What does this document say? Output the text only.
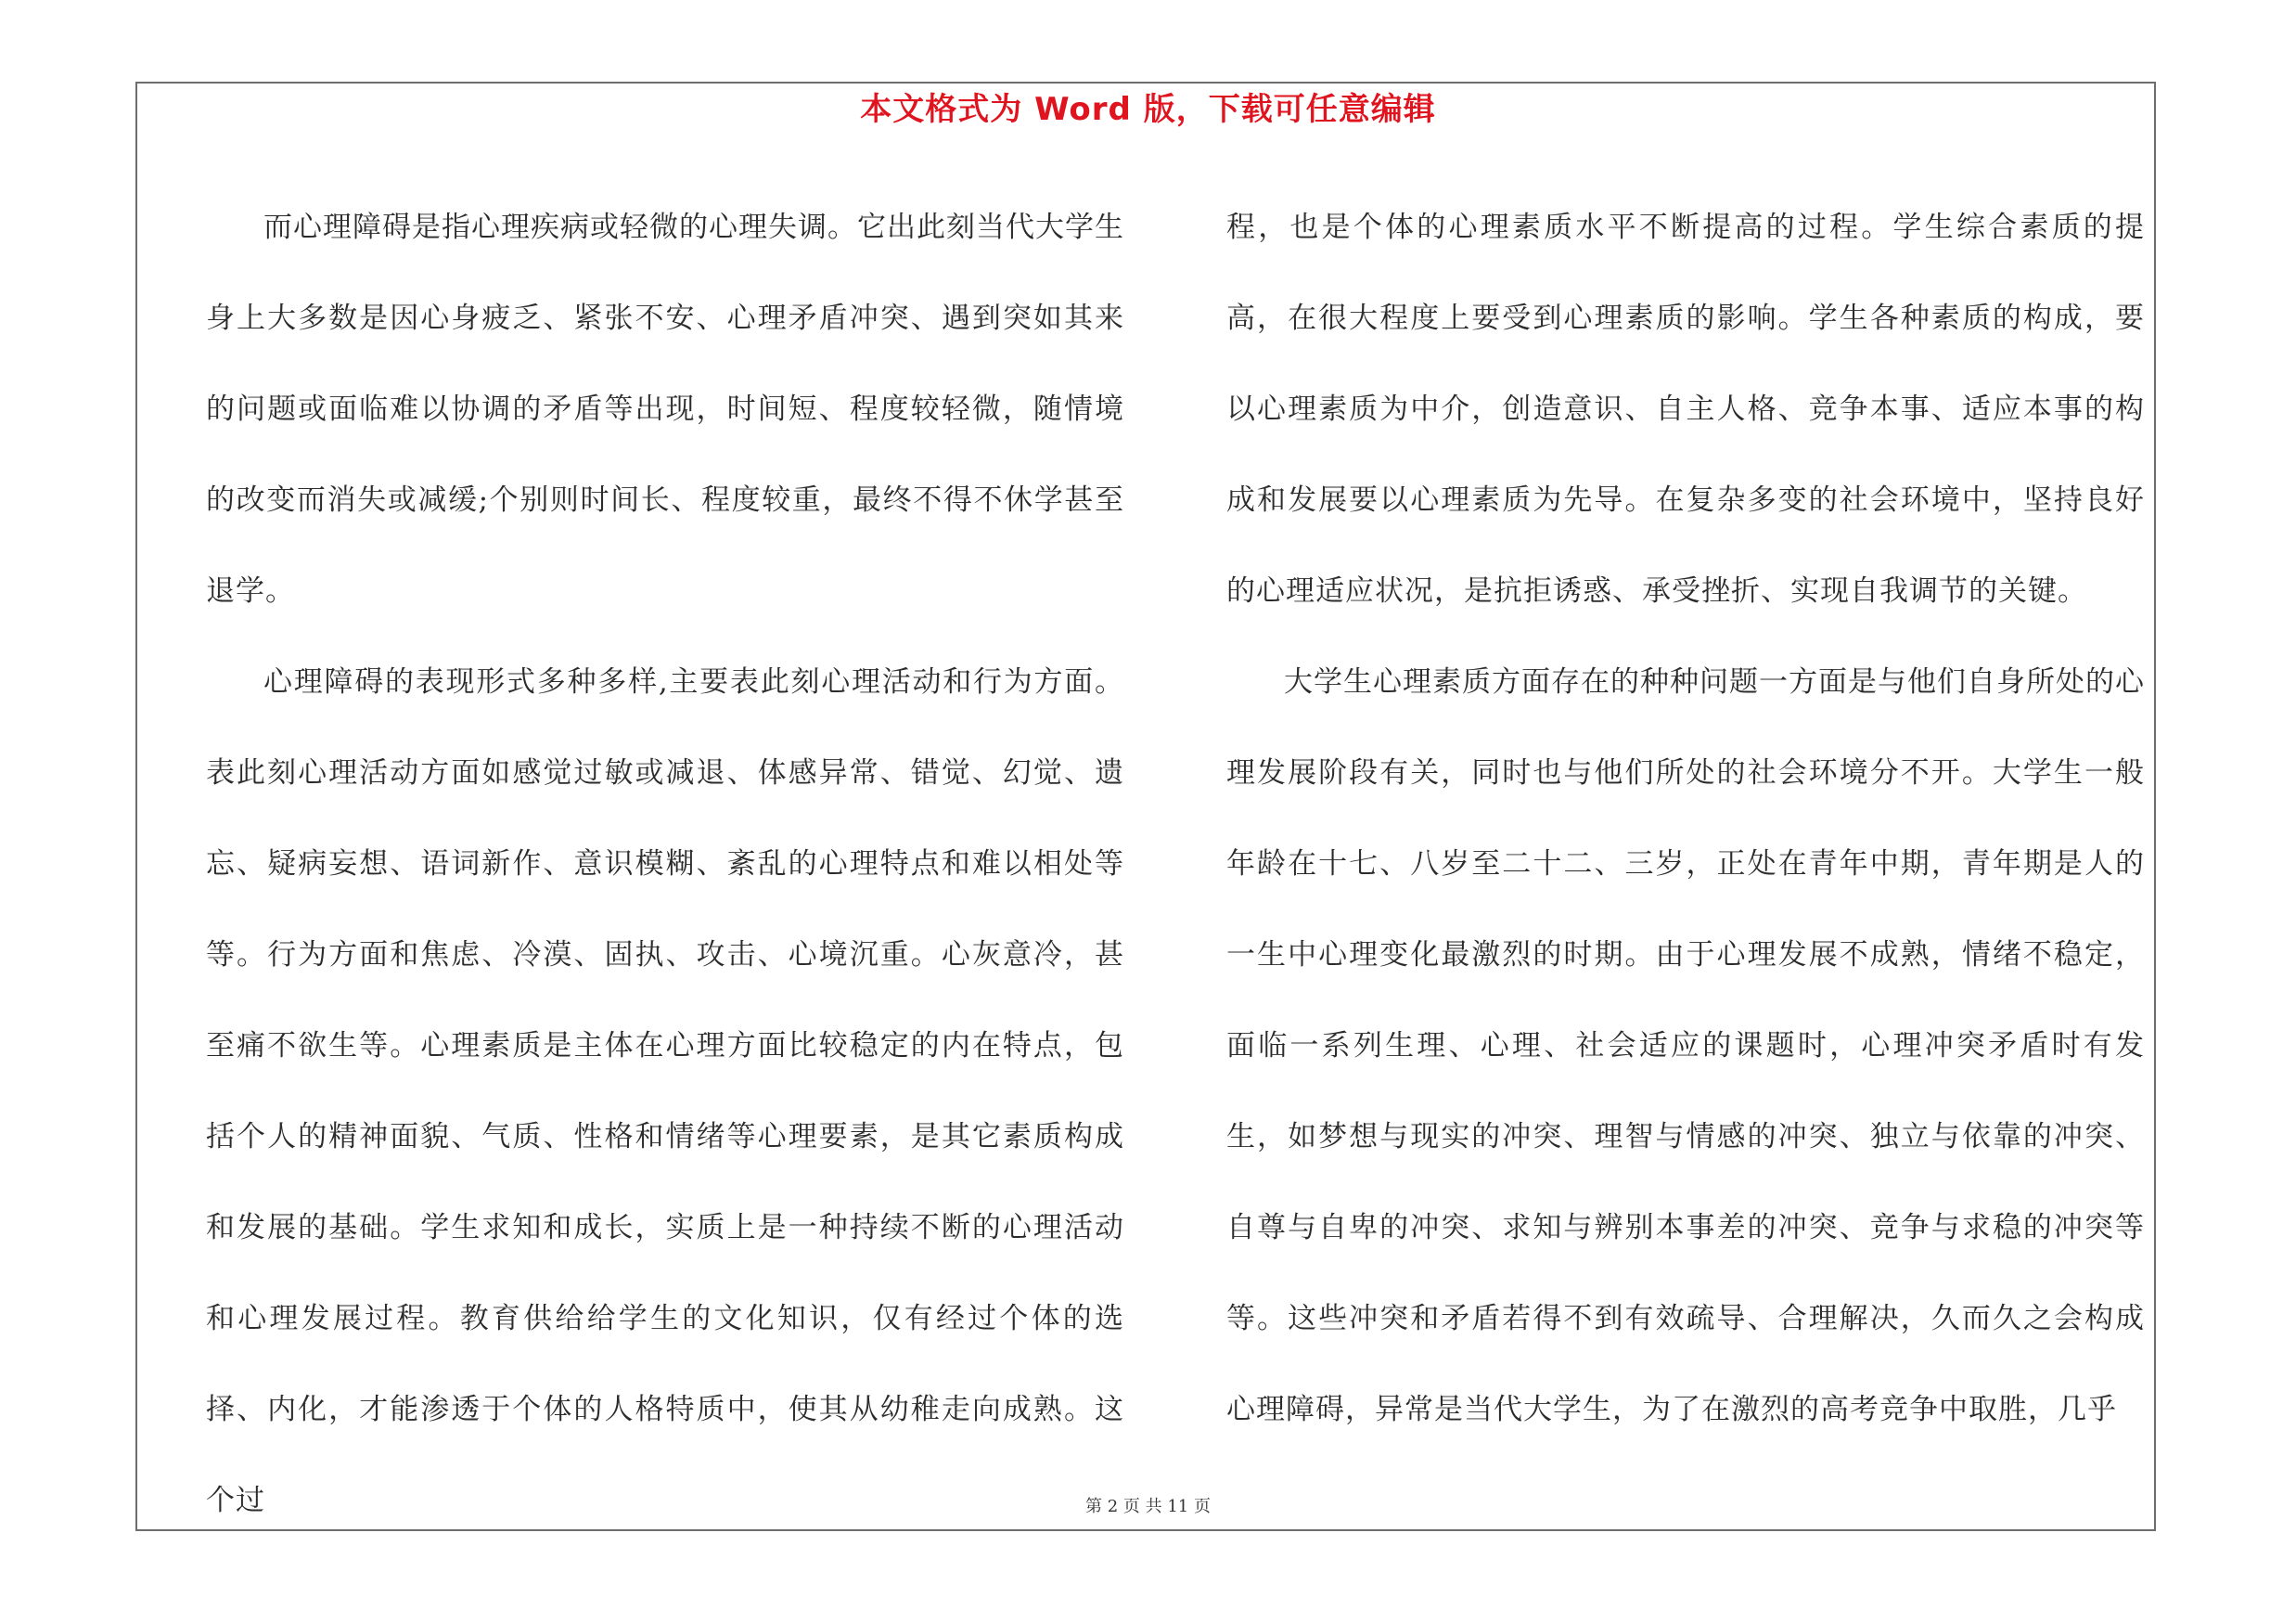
本文格式为 Word 版，下载可任意编辑

而心理障碍是指心理疾病或轻微的心理失调。它出此刻当代大学生身上大多数是因心身疲乏、紧张不安、心理矛盾冲突、遇到突如其来的问题或面临难以协调的矛盾等出现，时间短、程度较轻微，随情境的改变而消失或减缓;个别则时间长、程度较重，最终不得不休学甚至退学。

心理障碍的表现形式多种多样,主要表此刻心理活动和行为方面。表此刻心理活动方面如感觉过敏或减退、体感异常、错觉、幻觉、遗忘、疑病妄想、语词新作、意识模糊、紊乱的心理特点和难以相处等等。行为方面和焦虑、冷漠、固执、攻击、心境沉重。心灰意冷，甚至痛不欲生等。心理素质是主体在心理方面比较稳定的内在特点，包括个人的精神面貌、气质、性格和情绪等心理要素，是其它素质构成和发展的基础。学生求知和成长，实质上是一种持续不断的心理活动和心理发展过程。教育供给给学生的文化知识，仅有经过个体的选择、内化，才能渗透于个体的人格特质中，使其从幼稚走向成熟。这个过

程，也是个体的心理素质水平不断提高的过程。学生综合素质的提高，在很大程度上要受到心理素质的影响。学生各种素质的构成，要以心理素质为中介，创造意识、自主人格、竞争本事、适应本事的构成和发展要以心理素质为先导。在复杂多变的社会环境中，坚持良好的心理适应状况，是抗拒诱惑、承受挫折、实现自我调节的关键。

大学生心理素质方面存在的种种问题一方面是与他们自身所处的心理发展阶段有关，同时也与他们所处的社会环境分不开。大学生一般年龄在十七、八岁至二十二、三岁，正处在青年中期，青年期是人的一生中心理变化最激烈的时期。由于心理发展不成熟，情绪不稳定，面临一系列生理、心理、社会适应的课题时，心理冲突矛盾时有发生，如梦想与现实的冲突、理智与情感的冲突、独立与依靠的冲突、自尊与自卑的冲突、求知与辨别本事差的冲突、竞争与求稳的冲突等等。这些冲突和矛盾若得不到有效疏导、合理解决，久而久之会构成心理障碍，异常是当代大学生，为了在激烈的高考竞争中取胜，几乎

第 2 页 共 11 页
